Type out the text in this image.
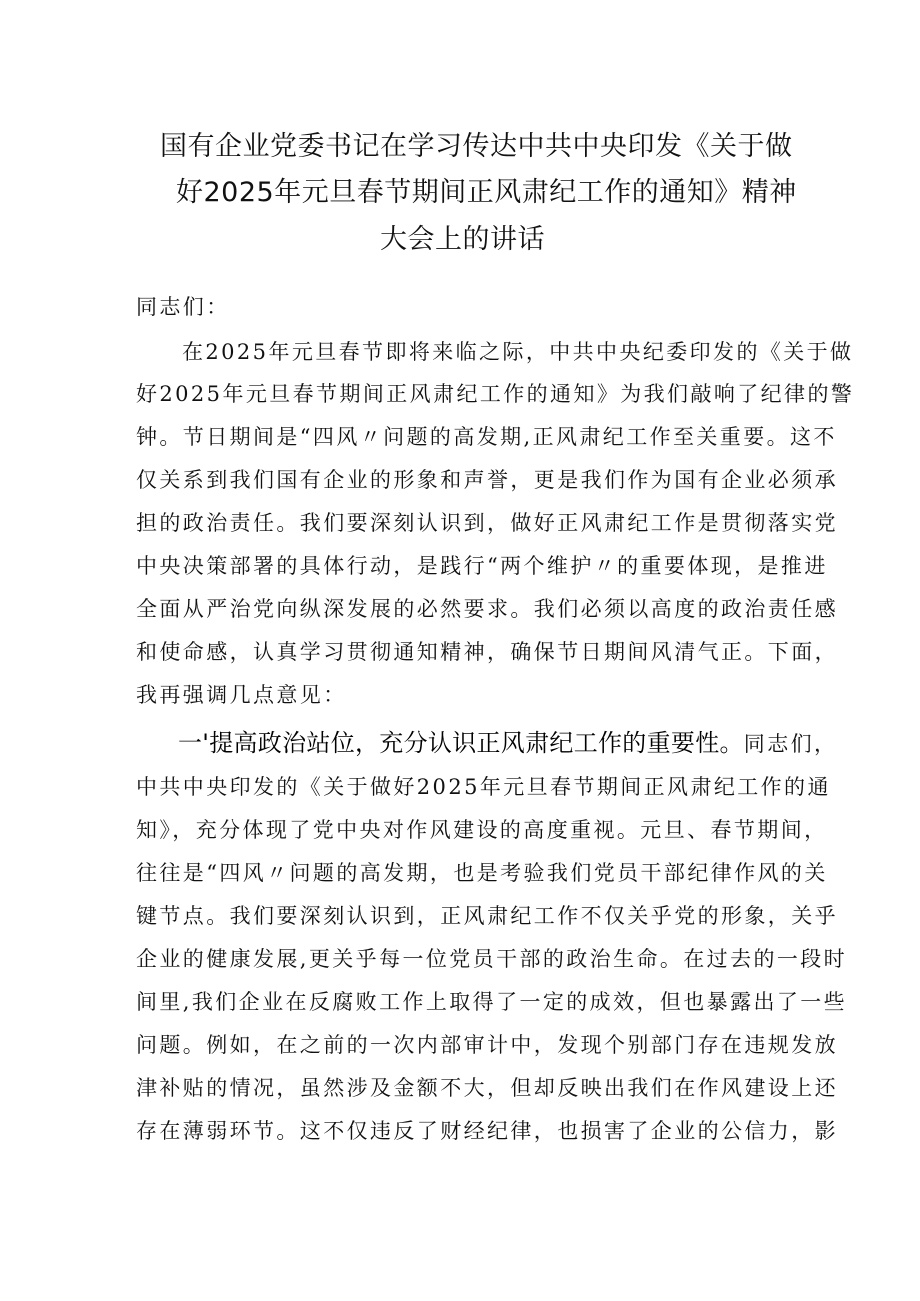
国有企业党委书记在学习传达中共中央印发《关于做
好2025年元旦春节期间正风肃纪工作的通知》精神
大会上的讲话
同志们：
在2025年元旦春节即将来临之际，中共中央纪委印发的《关于做
好2025年元旦春节期间正风肃纪工作的通知》为我们敲响了纪律的警
钟。节日期间是“四风〃问题的高发期,正风肃纪工作至关重要。这不
仅关系到我们国有企业的形象和声誉，更是我们作为国有企业必须承
担的政治责任。我们要深刻认识到，做好正风肃纪工作是贯彻落实党
中央决策部署的具体行动，是践行“两个维护〃的重要体现，是推进
全面从严治党向纵深发展的必然要求。我们必须以高度的政治责任感
和使命感，认真学习贯彻通知精神，确保节日期间风清气正。下面，
我再强调几点意见：
一'提高政治站位，充分认识正风肃纪工作的重要性。同志们，
中共中央印发的《关于做好2025年元旦春节期间正风肃纪工作的通
知》，充分体现了党中央对作风建设的高度重视。元旦、春节期间，
往往是“四风〃问题的高发期，也是考验我们党员干部纪律作风的关
键节点。我们要深刻认识到，正风肃纪工作不仅关乎党的形象，关乎
企业的健康发展,更关乎每一位党员干部的政治生命。在过去的一段时
间里,我们企业在反腐败工作上取得了一定的成效，但也暴露出了一些
问题。例如，在之前的一次内部审计中，发现个别部门存在违规发放
津补贴的情况，虽然涉及金额不大，但却反映出我们在作风建设上还
存在薄弱环节。这不仅违反了财经纪律，也损害了企业的公信力，影
